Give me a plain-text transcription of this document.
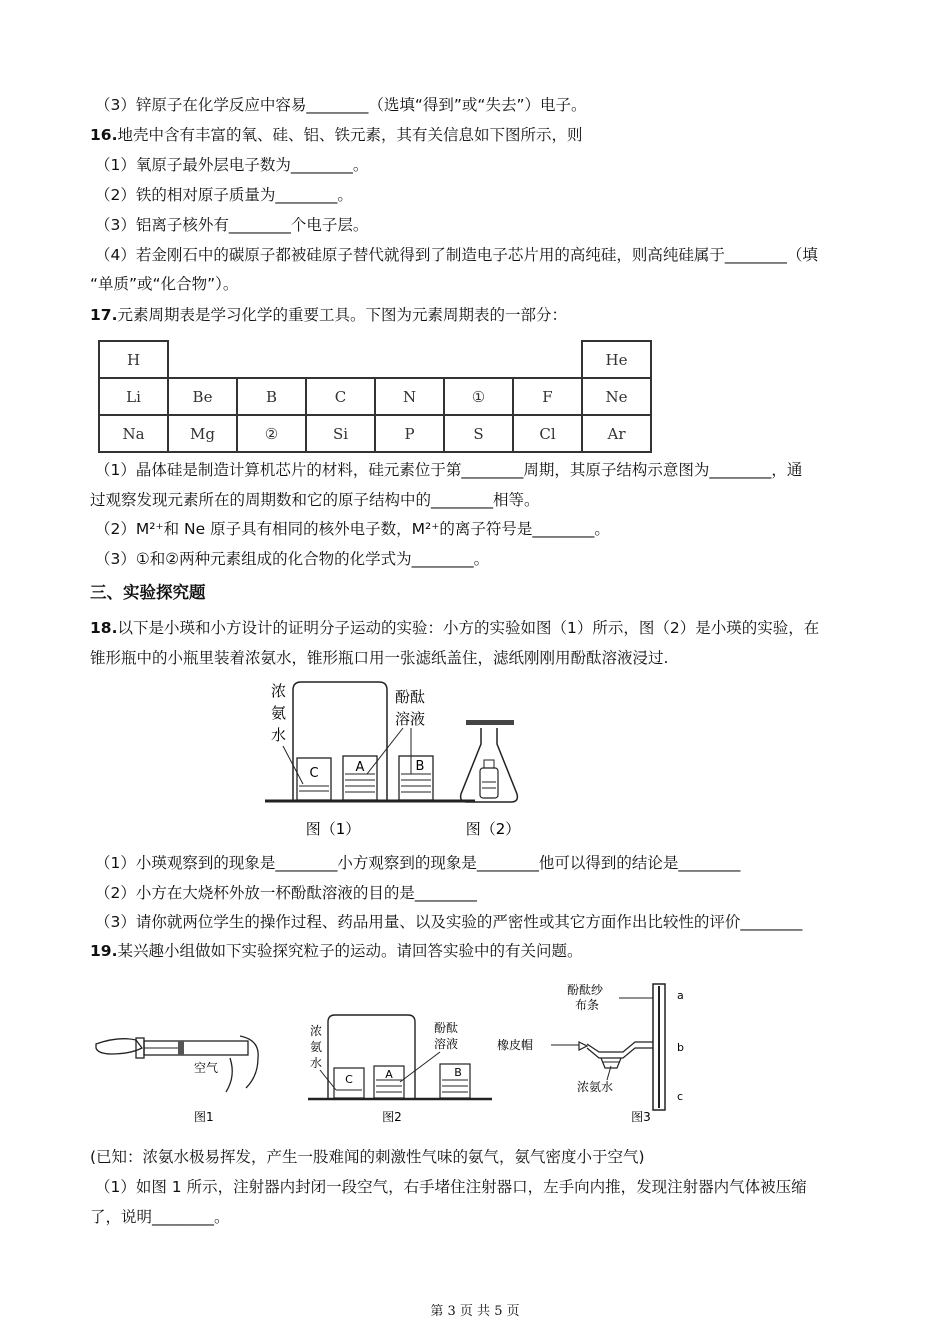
（3）锌原子在化学反应中容易________（选填“得到”或“失去”）电子。
16.地壳中含有丰富的氧、硅、铝、铁元素，其有关信息如下图所示，则
（1）氧原子最外层电子数为________。
（2）铁的相对原子质量为________。
（3）铝离子核外有________个电子层。
（4）若金刚石中的碳原子都被硅原子替代就得到了制造电子芯片用的高纯硅，则高纯硅属于________（填
“单质”或“化合物”）。
17.元素周期表是学习化学的重要工具。下图为元素周期表的一部分：
H							He
Li	Be	B	C	N	①	F	Ne
Na	Mg	②	Si	P	S	Cl	Ar
（1）晶体硅是制造计算机芯片的材料，硅元素位于第________周期，其原子结构示意图为________，通
过观察发现元素所在的周期数和它的原子结构中的________相等。
（2）M²⁺和 Ne 原子具有相同的核外电子数，M²⁺的离子符号是________。
（3）①和②两种元素组成的化合物的化学式为________。
三、实验探究题
18.以下是小瑛和小方设计的证明分子运动的实验：小方的实验如图（1）所示，图（2）是小瑛的实验，在
锥形瓶中的小瓶里装着浓氨水，锥形瓶口用一张滤纸盖住，滤纸刚刚用酚酞溶液浸过.
C	A	B
浓
氨
水
酚酞
溶液
图（1）	图（2）
（1）小瑛观察到的现象是________小方观察到的现象是________他可以得到的结论是________
（2）小方在大烧杯外放一杯酚酞溶液的目的是________
（3）请你就两位学生的操作过程、药品用量、以及实验的严密性或其它方面作出比较性的评价________
19.某兴趣小组做如下实验探究粒子的运动。请回答实验中的有关问题。
空气
图1
C	A	B
浓
氨
水
酚酞
溶液
图2
酚酞纱
布条
a
b
c
橡皮帽
浓氨水
图3
(已知：浓氨水极易挥发，产生一股难闻的刺激性气味的氨气，氨气密度小于空气)
（1）如图 1 所示，注射器内封闭一段空气，右手堵住注射器口，左手向内推，发现注射器内气体被压缩
了，说明________。
第 3 页 共 5 页
